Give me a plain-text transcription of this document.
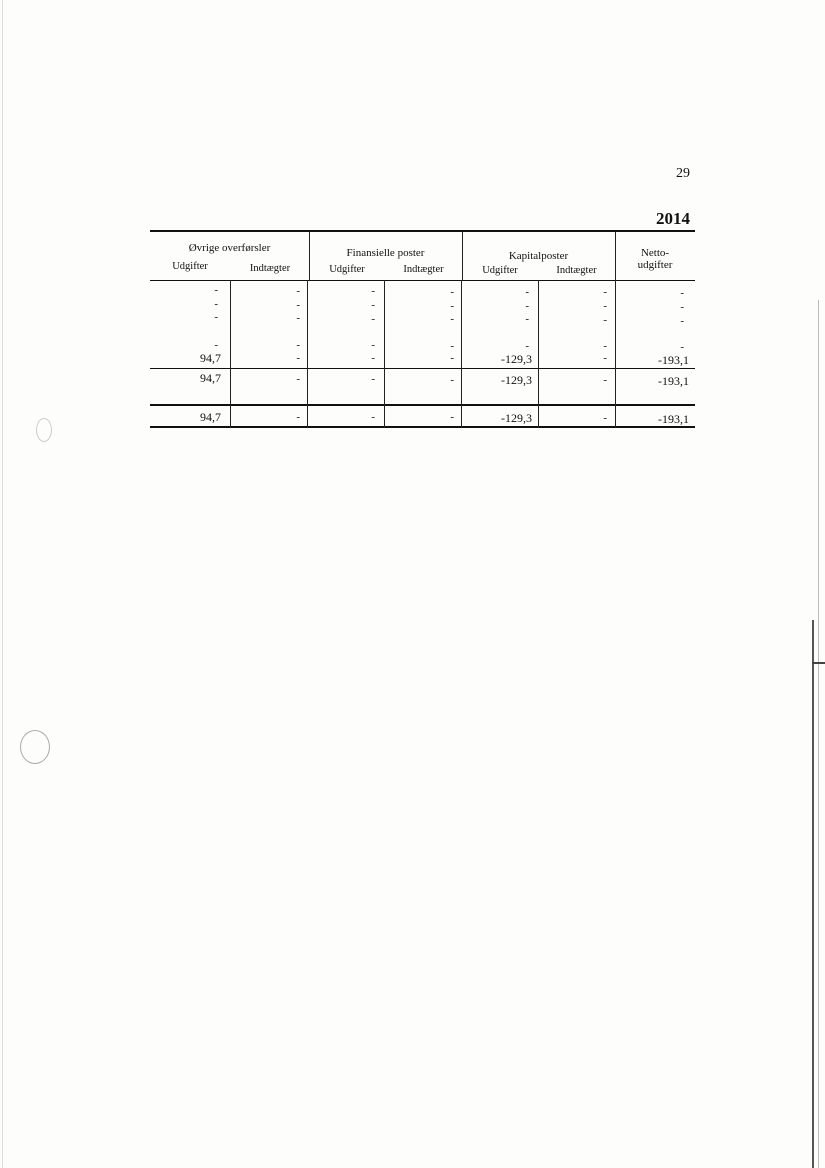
29
2014
Øvrige overførsler	Finansielle poster	Kapitalposter	Netto-
udgifter
Udgifter	Indtægter	Udgifter	Indtægter	Udgifter	Indtægter
-	-	-	-	-	-	-
-	-	-	-	-	-	-
-	-	-	-	-	-	-
-	-	-	-	-	-	-
94,7	-	-	-	-129,3	-	-193,1
94,7	-	-	-	-129,3	-	-193,1
94,7	-	-	-	-129,3	-	-193,1
